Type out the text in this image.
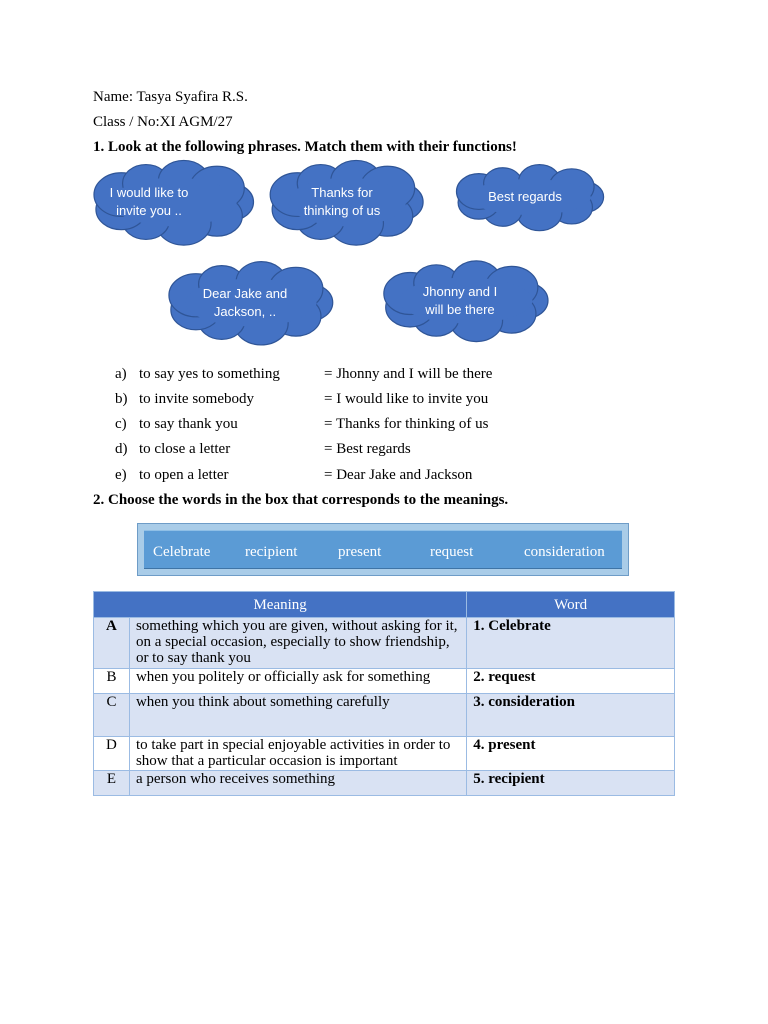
Name: Tasya Syafira R.S.
Class / No:XI AGM/27
1. Look at the following phrases. Match them with their functions!
I would like to
invite you ..
Thanks for
thinking of us
Best regards
Dear Jake and
Jackson, ..
Jhonny and I
will be there
a) to say yes to something	= Jhonny and I will be there
b) to invite somebody	= I would like to invite you
c) to say thank you	= Thanks for thinking of us
d) to close a letter	= Best regards
e) to open a letter	= Dear Jake and Jackson
2. Choose the words in the box that corresponds to the meanings.
Celebrate recipient	present	request	consideration
Meaning		Word
A	something which you are given, without asking for it, on a special occasion, especially to show friendship, or to say thank you	1. Celebrate
B	when you politely or officially ask for something	2. request
C	when you think about something carefully	3. consideration
D	to take part in special enjoyable activities in order to show that a particular occasion is important	4. present
E	a person who receives something	5. recipient
